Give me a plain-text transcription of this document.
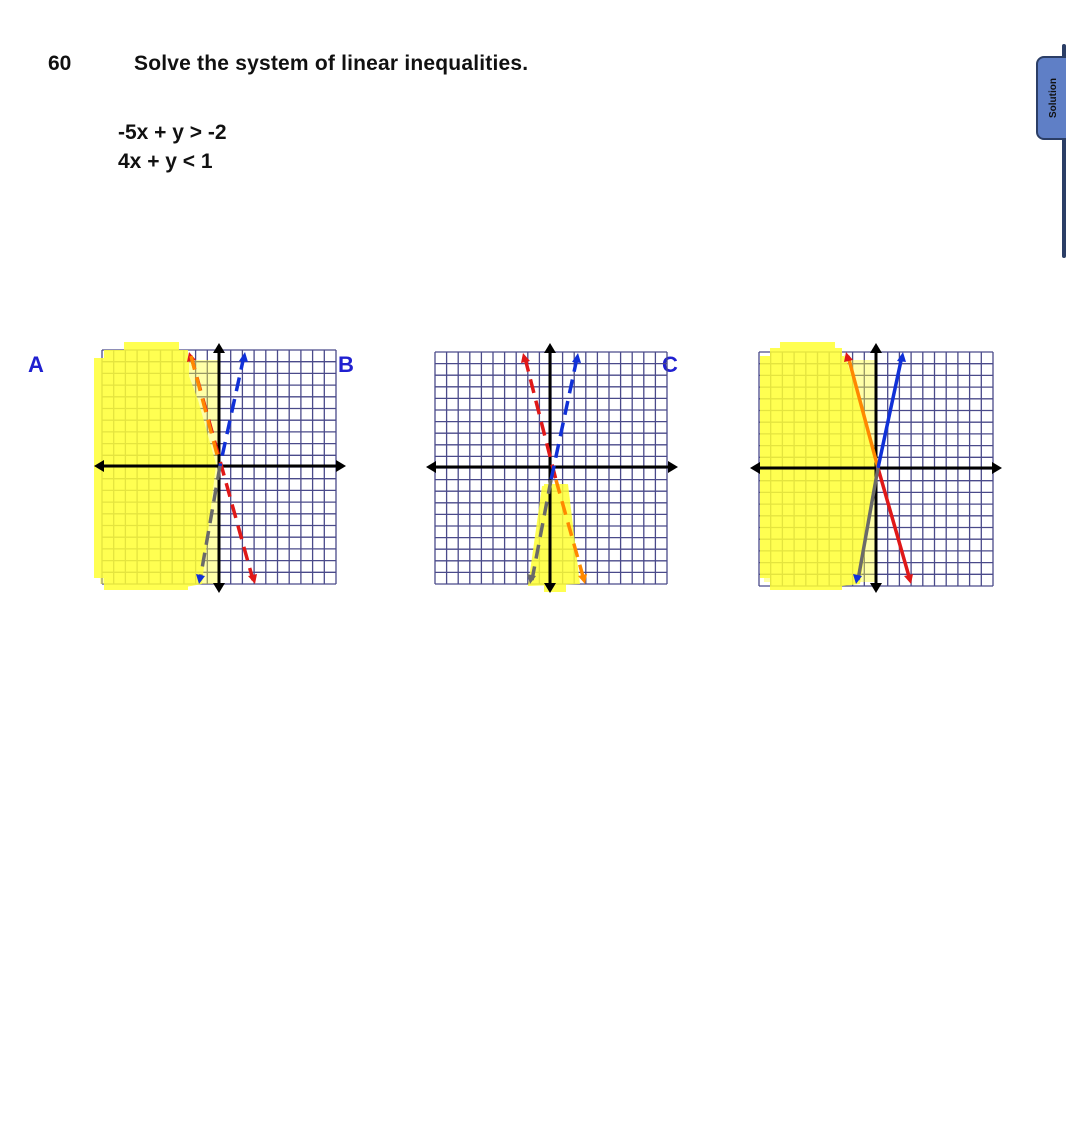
60	Solve the system of linear inequalities.
-5x + y > -2
4x + y < 1
Solution
A	B	C
